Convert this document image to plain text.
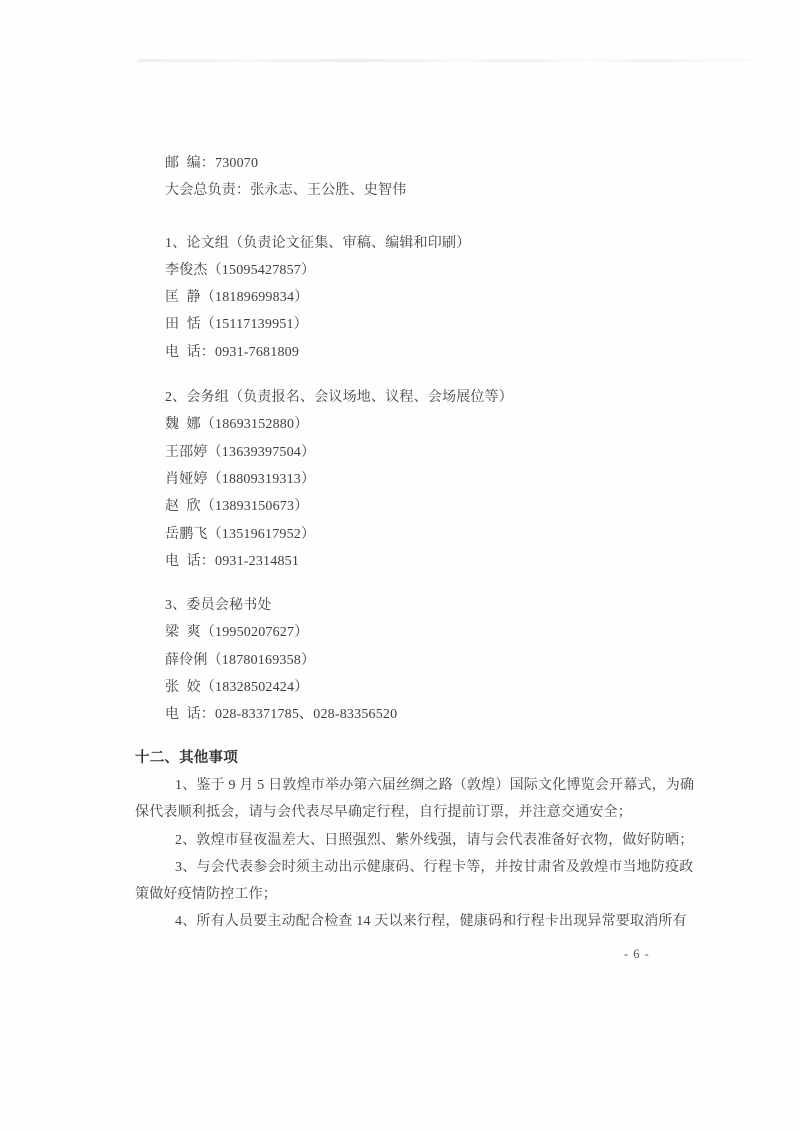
邮  编：730070
大会总负责：张永志、王公胜、史智伟
1、论文组（负责论文征集、审稿、编辑和印刷）
李俊杰（15095427857）
匡  静（18189699834）
田  恬（15117139951）
电  话：0931-7681809
2、会务组（负责报名、会议场地、议程、会场展位等）
魏  娜（18693152880）
王邵婷（13639397504）
肖娅婷（18809319313）
赵  欣（13893150673）
岳鹏飞（13519617952）
电  话：0931-2314851
3、委员会秘书处
梁  爽（19950207627）
薛伶俐（18780169358）
张  姣（18328502424）
电  话：028-83371785、028-83356520
十二、其他事项
1、鉴于 9 月 5 日敦煌市举办第六届丝绸之路（敦煌）国际文化博览会开幕式，为确
保代表顺利抵会，请与会代表尽早确定行程，自行提前订票，并注意交通安全；
2、敦煌市昼夜温差大、日照强烈、紫外线强，请与会代表准备好衣物，做好防晒；
3、与会代表参会时须主动出示健康码、行程卡等，并按甘肃省及敦煌市当地防疫政
策做好疫情防控工作；
4、所有人员要主动配合检查 14 天以来行程，健康码和行程卡出现异常要取消所有
- 6 -
